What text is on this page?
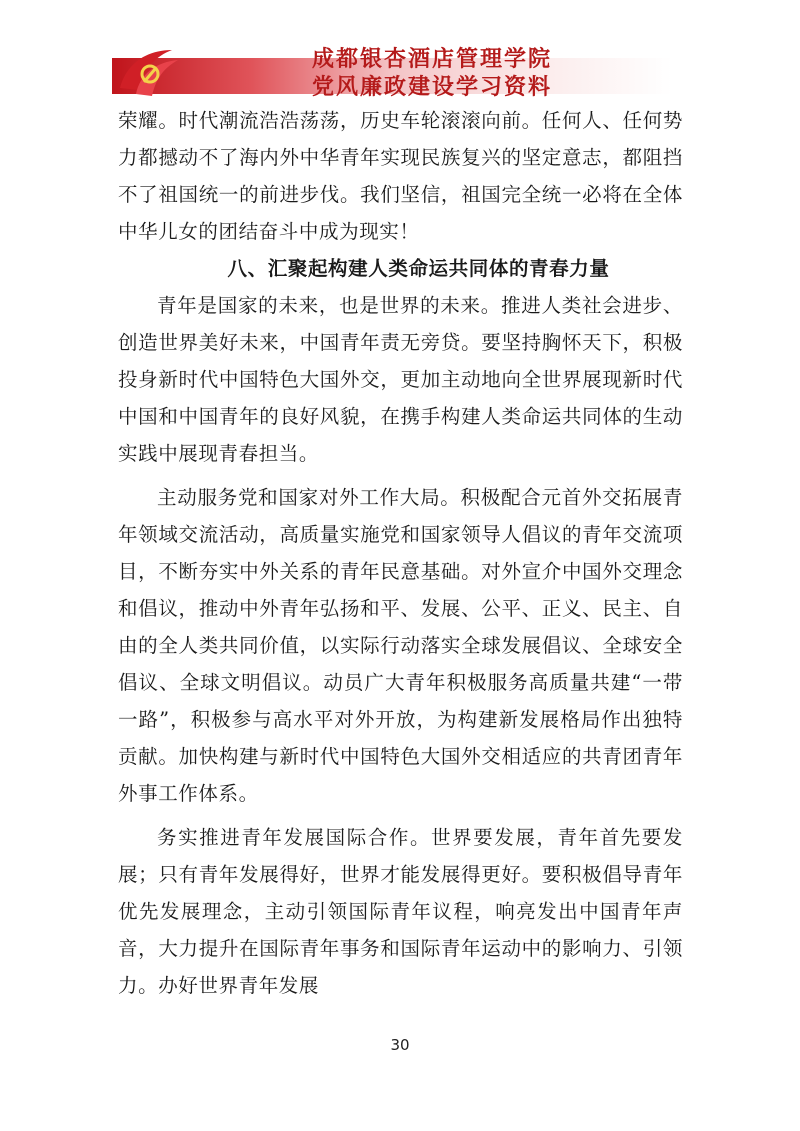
成都银杏酒店管理学院
党风廉政建设学习资料

荣耀。时代潮流浩浩荡荡，历史车轮滚滚向前。任何人、任何势力都撼动不了海内外中华青年实现民族复兴的坚定意志，都阻挡不了祖国统一的前进步伐。我们坚信，祖国完全统一必将在全体中华儿女的团结奋斗中成为现实！

八、汇聚起构建人类命运共同体的青春力量

青年是国家的未来，也是世界的未来。推进人类社会进步、创造世界美好未来，中国青年责无旁贷。要坚持胸怀天下，积极投身新时代中国特色大国外交，更加主动地向全世界展现新时代中国和中国青年的良好风貌，在携手构建人类命运共同体的生动实践中展现青春担当。

主动服务党和国家对外工作大局。积极配合元首外交拓展青年领域交流活动，高质量实施党和国家领导人倡议的青年交流项目，不断夯实中外关系的青年民意基础。对外宣介中国外交理念和倡议，推动中外青年弘扬和平、发展、公平、正义、民主、自由的全人类共同价值，以实际行动落实全球发展倡议、全球安全倡议、全球文明倡议。动员广大青年积极服务高质量共建“一带一路”，积极参与高水平对外开放，为构建新发展格局作出独特贡献。加快构建与新时代中国特色大国外交相适应的共青团青年外事工作体系。

务实推进青年发展国际合作。世界要发展，青年首先要发展；只有青年发展得好，世界才能发展得更好。要积极倡导青年优先发展理念，主动引领国际青年议程，响亮发出中国青年声音，大力提升在国际青年事务和国际青年运动中的影响力、引领力。办好世界青年发展

30
